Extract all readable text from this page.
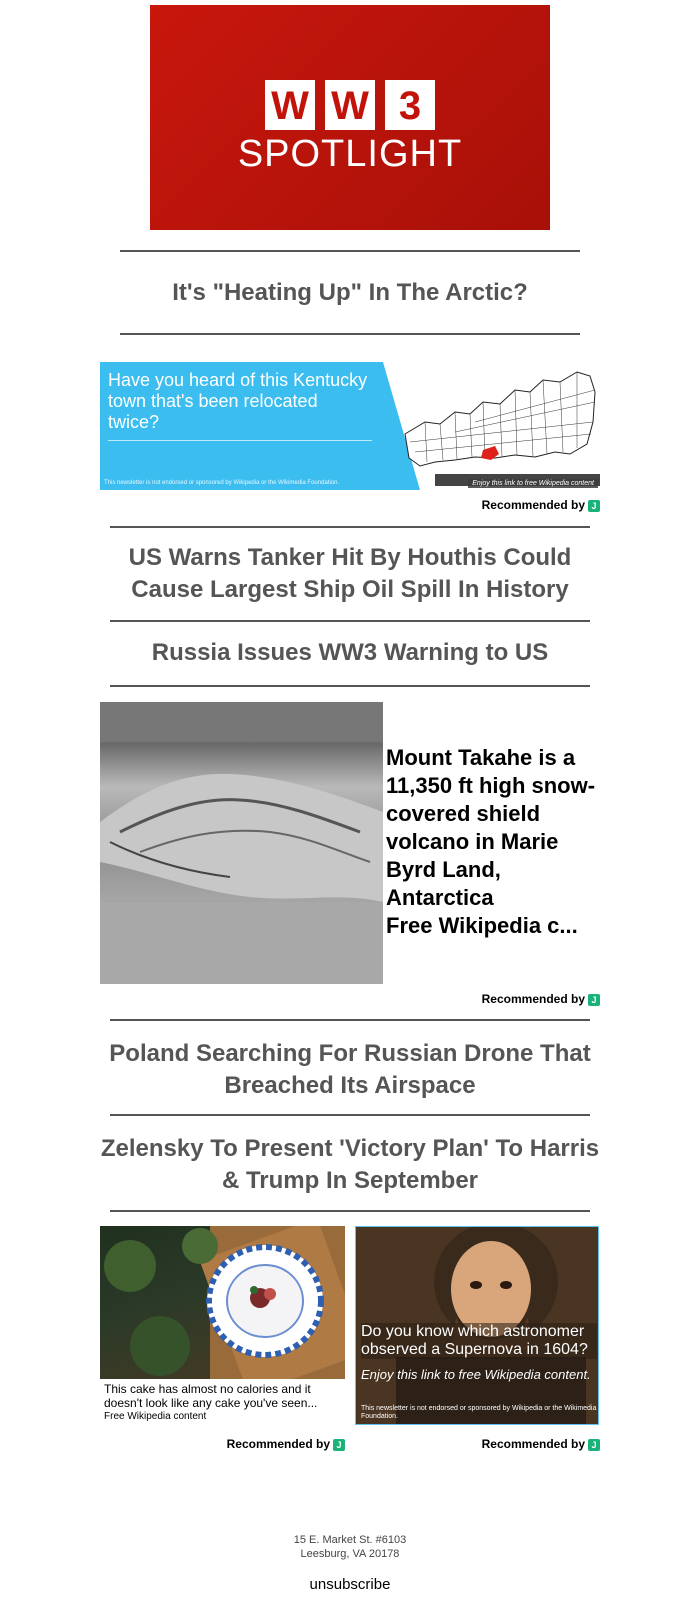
W W 3
SPOTLIGHT
It's "Heating Up" In The Arctic?
Have you heard of this Kentucky town that's been relocated twice?
This newsletter is not endorsed or sponsored by Wikipedia or the Wikimedia Foundation.	Enjoy this link to free Wikipedia content
Recommended by J
US Warns Tanker Hit By Houthis Could Cause Largest Ship Oil Spill In History
Russia Issues WW3 Warning to US
Mount Takahe is a 11,350 ft high snow-covered shield volcano in Marie Byrd Land, Antarctica
Free Wikipedia c...
Recommended by J
Poland Searching For Russian Drone That Breached Its Airspace
Zelensky To Present 'Victory Plan' To Harris & Trump In September
This cake has almost no calories and it doesn't look like any cake you've seen...
Free Wikipedia content
Do you know which astronomer observed a Supernova in 1604?
Enjoy this link to free Wikipedia content.
This newsletter is not endorsed or sponsored by Wikipedia or the Wikimedia Foundation.
Recommended by J	Recommended by J
15 E. Market St. #6103
Leesburg, VA 20178
unsubscribe
